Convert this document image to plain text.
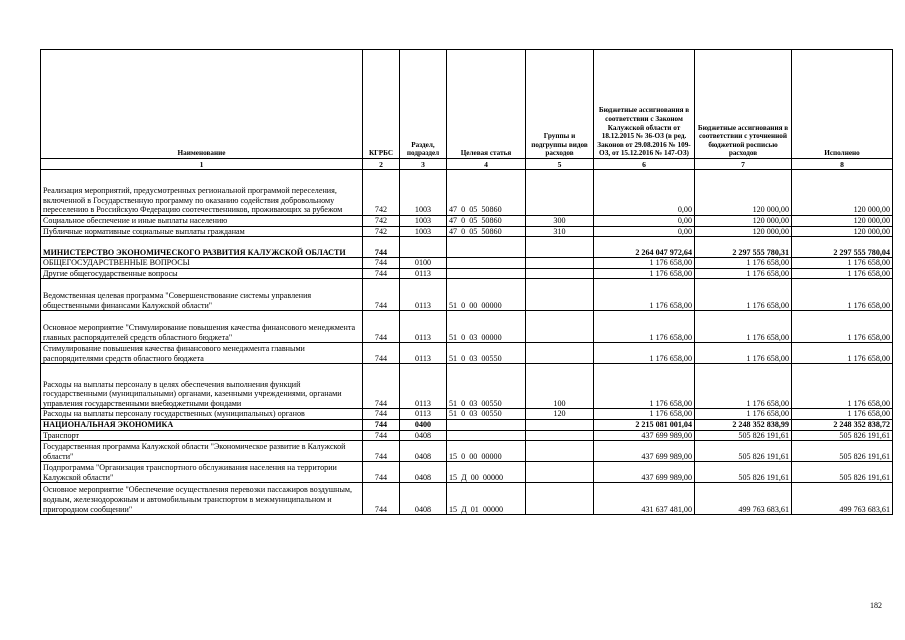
Наименование	КГРБС	Раздел, подраздел	Целевая статья	Группы и подгруппы видов расходов	Бюджетные ассигнования в соответствии с Законом Калужской области от 18.12.2015 № 36-ОЗ (в ред. Законов от 29.08.2016 № 109-ОЗ, от 15.12.2016 № 147-ОЗ)	Бюджетные ассигнования в соответствии с уточненной бюджетной росписью расходов	Исполнено
1	2	3	4	5	6	7	8
Реализация мероприятий, предусмотренных региональной программой переселения, включенной в Государственную программу по оказанию содействия добровольному переселению в Российскую Федерацию соотечественников, проживающих за рубежом	742	1003	47  0  05  50860		0,00	120 000,00	120 000,00
Социальное обеспечение и иные выплаты населению	742	1003	47  0  05  50860	300	0,00	120 000,00	120 000,00
Публичные нормативные социальные выплаты гражданам	742	1003	47  0  05  50860	310	0,00	120 000,00	120 000,00
МИНИСТЕРСТВО ЭКОНОМИЧЕСКОГО РАЗВИТИЯ КАЛУЖСКОЙ ОБЛАСТИ	744				2 264 047 972,64	2 297 555 780,31	2 297 555 780,04
ОБЩЕГОСУДАРСТВЕННЫЕ ВОПРОСЫ	744	0100			1 176 658,00	1 176 658,00	1 176 658,00
Другие общегосударственные вопросы	744	0113			1 176 658,00	1 176 658,00	1 176 658,00
Ведомственная целевая программа "Совершенствование системы управления общественными финансами Калужской области"	744	0113	51  0  00  00000		1 176 658,00	1 176 658,00	1 176 658,00
Основное мероприятие "Стимулирование повышения качества финансового менеджмента главных распорядителей средств областного бюджета"	744	0113	51  0  03  00000		1 176 658,00	1 176 658,00	1 176 658,00
Стимулирование повышения качества финансового менеджмента главными распорядителями средств областного бюджета	744	0113	51  0  03  00550		1 176 658,00	1 176 658,00	1 176 658,00
Расходы на выплаты персоналу в целях обеспечения выполнения функций государственными (муниципальными) органами, казенными учреждениями, органами управления государственными внебюджетными фондами	744	0113	51  0  03  00550	100	1 176 658,00	1 176 658,00	1 176 658,00
Расходы на выплаты персоналу государственных (муниципальных) органов	744	0113	51  0  03  00550	120	1 176 658,00	1 176 658,00	1 176 658,00
НАЦИОНАЛЬНАЯ ЭКОНОМИКА	744	0400			2 215 081 001,04	2 248 352 838,99	2 248 352 838,72
Транспорт	744	0408			437 699 989,00	505 826 191,61	505 826 191,61
Государственная программа Калужской области "Экономическое развитие в Калужской области"	744	0408	15  0  00  00000		437 699 989,00	505 826 191,61	505 826 191,61
Подпрограмма "Организация транспортного обслуживания населения на территории Калужской области"	744	0408	15  Д  00  00000		437 699 989,00	505 826 191,61	505 826 191,61
Основное мероприятие "Обеспечение осуществления перевозки пассажиров воздушным, водным, железнодорожным и автомобильным транспортом в межмуниципальном и пригородном сообщении"	744	0408	15  Д  01  00000		431 637 481,00	499 763 683,61	499 763 683,61
182
